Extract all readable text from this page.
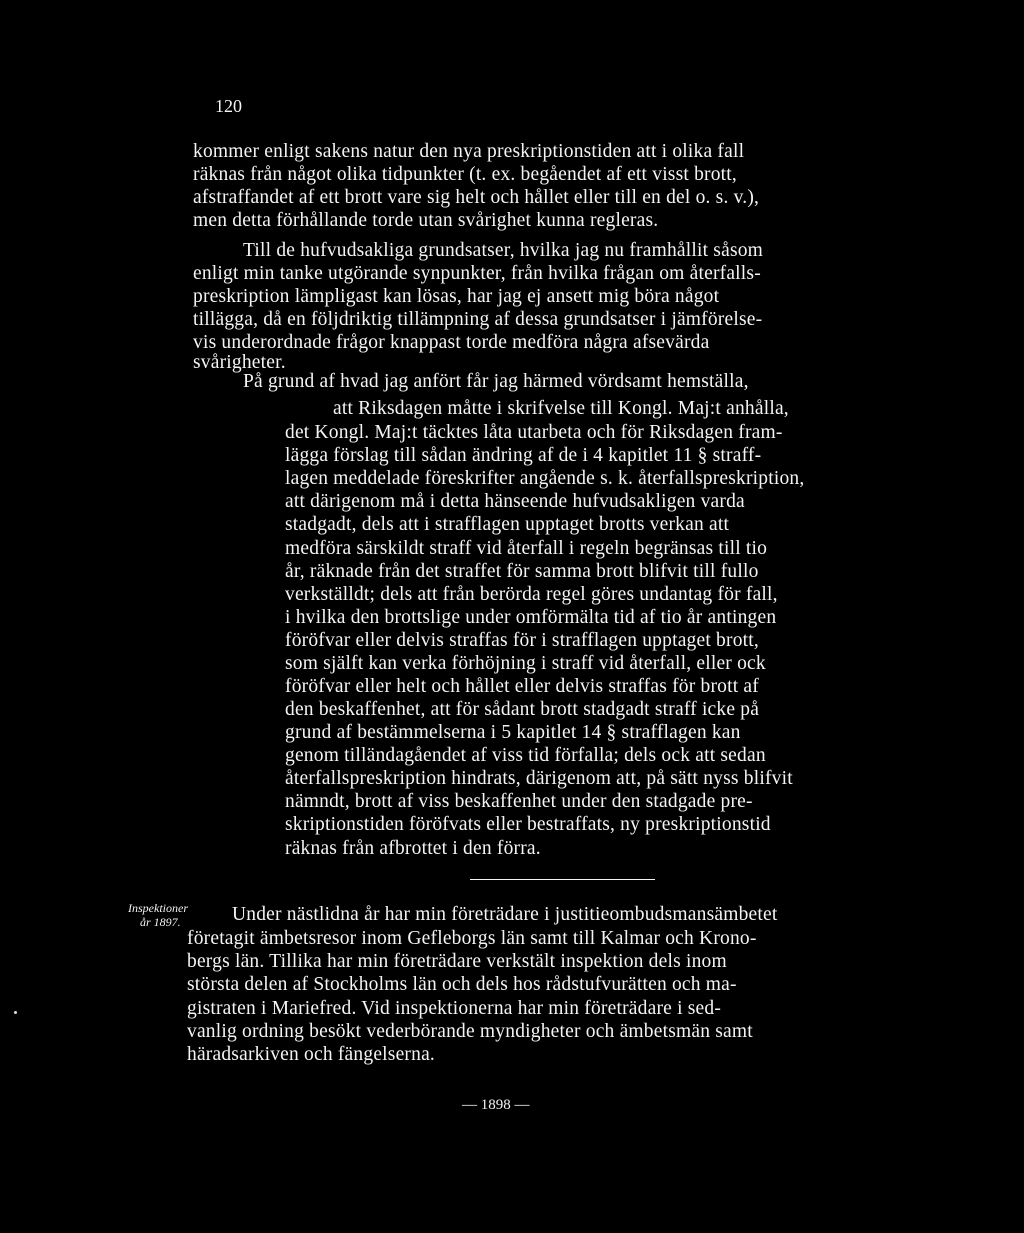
120
kommer enligt sakens natur den nya preskriptionstiden att i olika fall
räknas från något olika tidpunkter (t. ex. begåendet af ett visst brott,
afstraffandet af ett brott vare sig helt och hållet eller till en del o. s. v.),
men detta förhållande torde utan svårighet kunna regleras.
Till de hufvudsakliga grundsatser, hvilka jag nu framhållit såsom
enligt min tanke utgörande synpunkter, från hvilka frågan om återfalls-
preskription lämpligast kan lösas, har jag ej ansett mig böra något
tillägga, då en följdriktig tillämpning af dessa grundsatser i jämförelse-
vis underordnade frågor knappast torde medföra några afsevärda
svårigheter.
På grund af hvad jag anfört får jag härmed vördsamt hemställa,
att Riksdagen måtte i skrifvelse till Kongl. Maj:t anhålla,
det Kongl. Maj:t täcktes låta utarbeta och för Riksdagen fram-
lägga förslag till sådan ändring af de i 4 kapitlet 11 § straff-
lagen meddelade föreskrifter angående s. k. återfallspreskription,
att därigenom må i detta hänseende hufvudsakligen varda
stadgadt, dels att i strafflagen upptaget brotts verkan att
medföra särskildt straff vid återfall i regeln begränsas till tio
år, räknade från det straffet för samma brott blifvit till fullo
verkställdt; dels att från berörda regel göres undantag för fall,
i hvilka den brottslige under omförmälta tid af tio år antingen
föröfvar eller delvis straffas för i strafflagen upptaget brott,
som själft kan verka förhöjning i straff vid återfall, eller ock
föröfvar eller helt och hållet eller delvis straffas för brott af
den beskaffenhet, att för sådant brott stadgadt straff icke på
grund af bestämmelserna i 5 kapitlet 14 § strafflagen kan
genom tilländagåendet af viss tid förfalla; dels ock att sedan
återfallspreskription hindrats, därigenom att, på sätt nyss blifvit
nämndt, brott af viss beskaffenhet under den stadgade pre-
skriptionstiden föröfvats eller bestraffats, ny preskriptionstid
räknas från afbrottet i den förra.
Inspektioner
år 1897.	Under nästlidna år har min företrädare i justitieombudsmansämbetet
företagit ämbetsresor inom Gefleborgs län samt till Kalmar och Krono-
bergs län. Tillika har min företrädare verkstält inspektion dels inom
största delen af Stockholms län och dels hos rådstufvurätten och ma-
gistraten i Mariefred. Vid inspektionerna har min företrädare i sed-
vanlig ordning besökt vederbörande myndigheter och ämbetsmän samt
häradsarkiven och fängelserna.
— 1898 —
